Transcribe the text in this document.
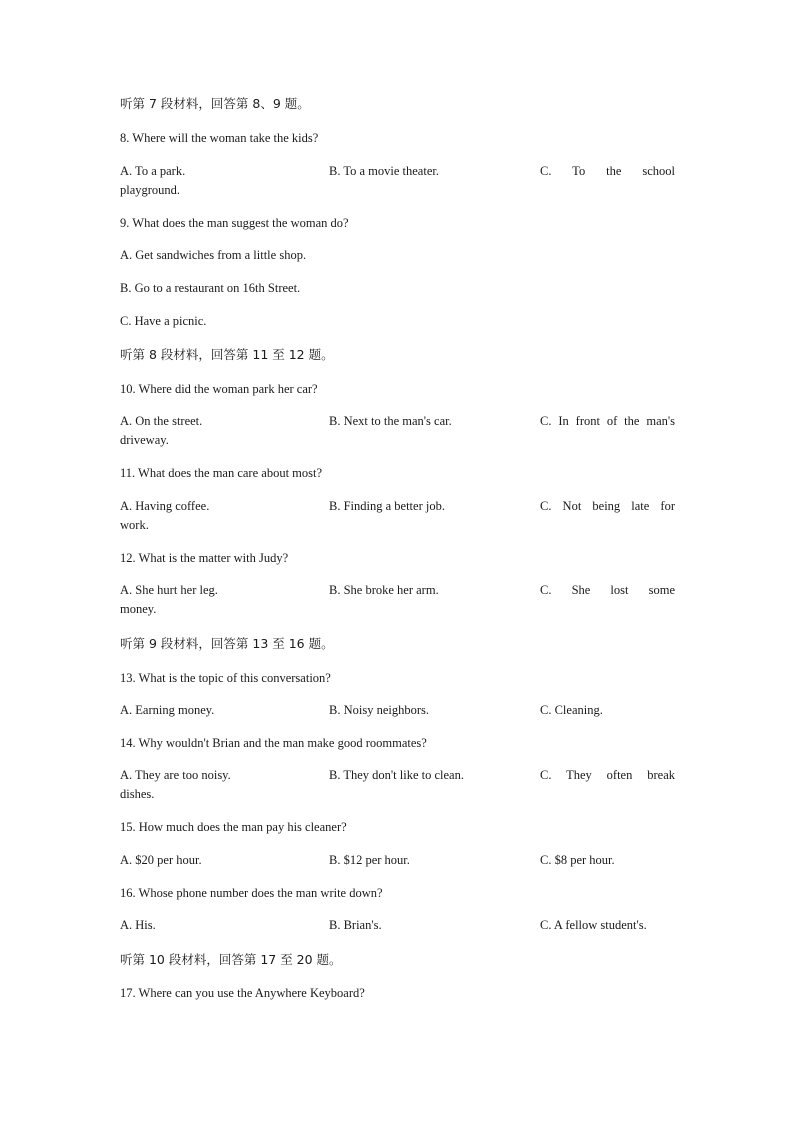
听第 7 段材料，回答第 8、9 题。
8. Where will the woman take the kids?
A. To a park.	B. To a movie theater.	C. To the school
playground.
9. What does the man suggest the woman do?
A. Get sandwiches from a little shop.
B. Go to a restaurant on 16th Street.
C. Have a picnic.
听第 8 段材料，回答第 11 至 12 题。
10. Where did the woman park her car?
A. On the street.	B. Next to the man's car.	C. In front of the man's
driveway.
11. What does the man care about most?
A. Having coffee.	B. Finding a better job.	C. Not being late for
work.
12. What is the matter with Judy?
A. She hurt her leg.	B. She broke her arm.	C. She lost some
money.
听第 9 段材料，回答第 13 至 16 题。
13. What is the topic of this conversation?
A. Earning money.	B. Noisy neighbors.	C. Cleaning.
14. Why wouldn't Brian and the man make good roommates?
A. They are too noisy.	B. They don't like to clean.	C. They often break
dishes.
15. How much does the man pay his cleaner?
A. $20 per hour.	B. $12 per hour.	C. $8 per hour.
16. Whose phone number does the man write down?
A. His.	B. Brian's.	C. A fellow student's.
听第 10 段材料，回答第 17 至 20 题。
17. Where can you use the Anywhere Keyboard?
